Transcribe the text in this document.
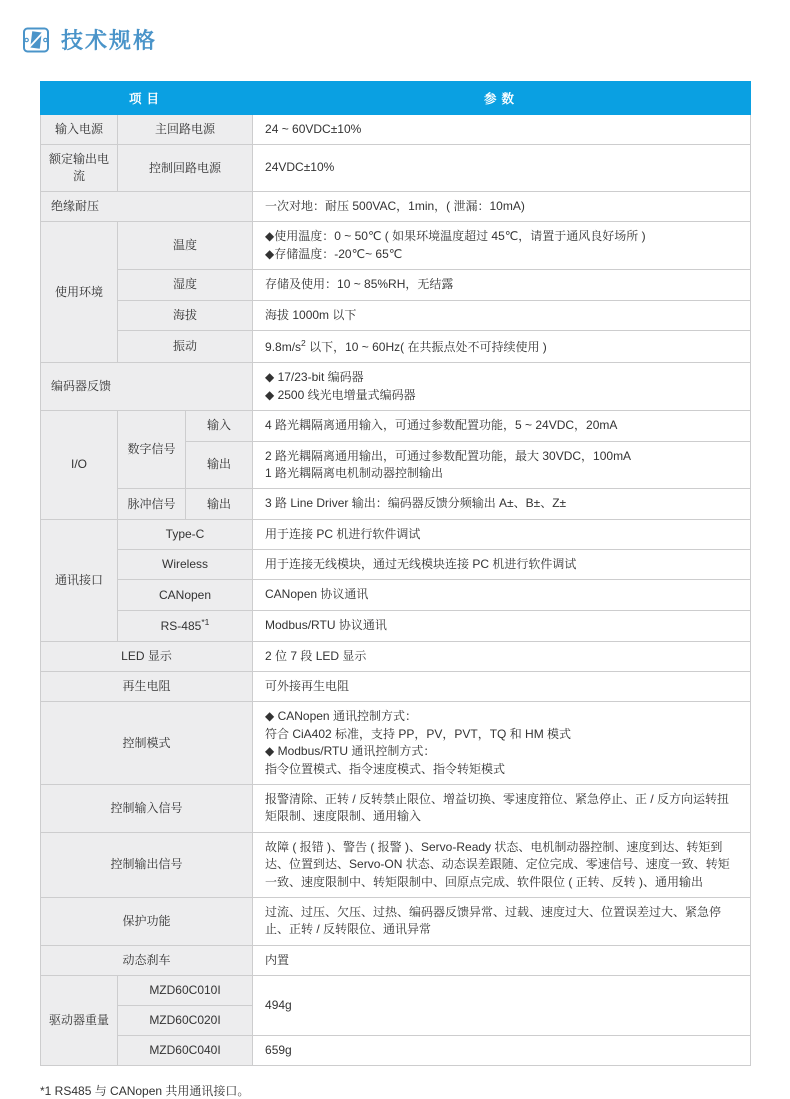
技术规格
项目			参数
输入电源	主回路电源		24 ~ 60VDC±10%
额定输出电流	控制回路电源		24VDC±10%
绝缘耐压			一次对地：耐压 500VAC，1min，( 泄漏：10mA)
使用环境	温度		◆使用温度：0 ~ 50℃ ( 如果环境温度超过 45℃，请置于通风良好场所 )
◆存储温度：-20℃~ 65℃

	湿度		存储及使用：10 ~ 85%RH，无结露
	海拔		海拔 1000m 以下
	振动		$9.8m/s^2$ 以下，10 ~ 60Hz( 在共振点处不可持续使用 )
编码器反馈			◆ 17/23-bit 编码器
◆ 2500 线光电增量式编码器

I/O	数字信号	输入	4 路光耦隔离通用输入，可通过参数配置功能，5 ~ 24VDC，20mA
		输出	2 路光耦隔离通用输出，可通过参数配置功能，最大 30VDC，100mA
1 路光耦隔离电机制动器控制输出

	脉冲信号	输出	3 路 Line Driver 输出：编码器反馈分频输出 A±、B±、Z±
通讯接口	Type-C		用于连接 PC 机进行软件调试
	Wireless		用于连接无线模块，通过无线模块连接 PC 机进行软件调试
	CANopen		CANopen 协议通讯
	RS-485$^{*1}$		Modbus/RTU 协议通讯
LED 显示			2 位 7 段 LED 显示
再生电阻			可外接再生电阻
控制模式			◆ CANopen 通讯控制方式：
符合 CiA402 标准，支持 PP，PV，PVT，TQ 和 HM 模式
◆ Modbus/RTU 通讯控制方式：
指令位置模式、指令速度模式、指令转矩模式

控制输入信号			报警清除、正转 / 反转禁止限位、增益切换、零速度箝位、紧急停止、正 / 反方向运转扭矩限制、速度限制、通用输入
控制输出信号			故障 ( 报错 )、警告 ( 报警 )、Servo-Ready 状态、电机制动器控制、速度到达、转矩到达、位置到达、Servo-ON 状态、动态误差跟随、定位完成、零速信号、速度一致、转矩一致、速度限制中、转矩限制中、回原点完成、软件限位 ( 正转、反转 )、通用输出
保护功能			过流、过压、欠压、过热、编码器反馈异常、过载、速度过大、位置误差过大、紧急停止、正转 / 反转限位、通讯异常
动态刹车			内置
驱动器重量	MZD60C010I		494g
	MZD60C020I		
	MZD60C040I		659g
*1 RS485 与 CANopen 共用通讯接口。
